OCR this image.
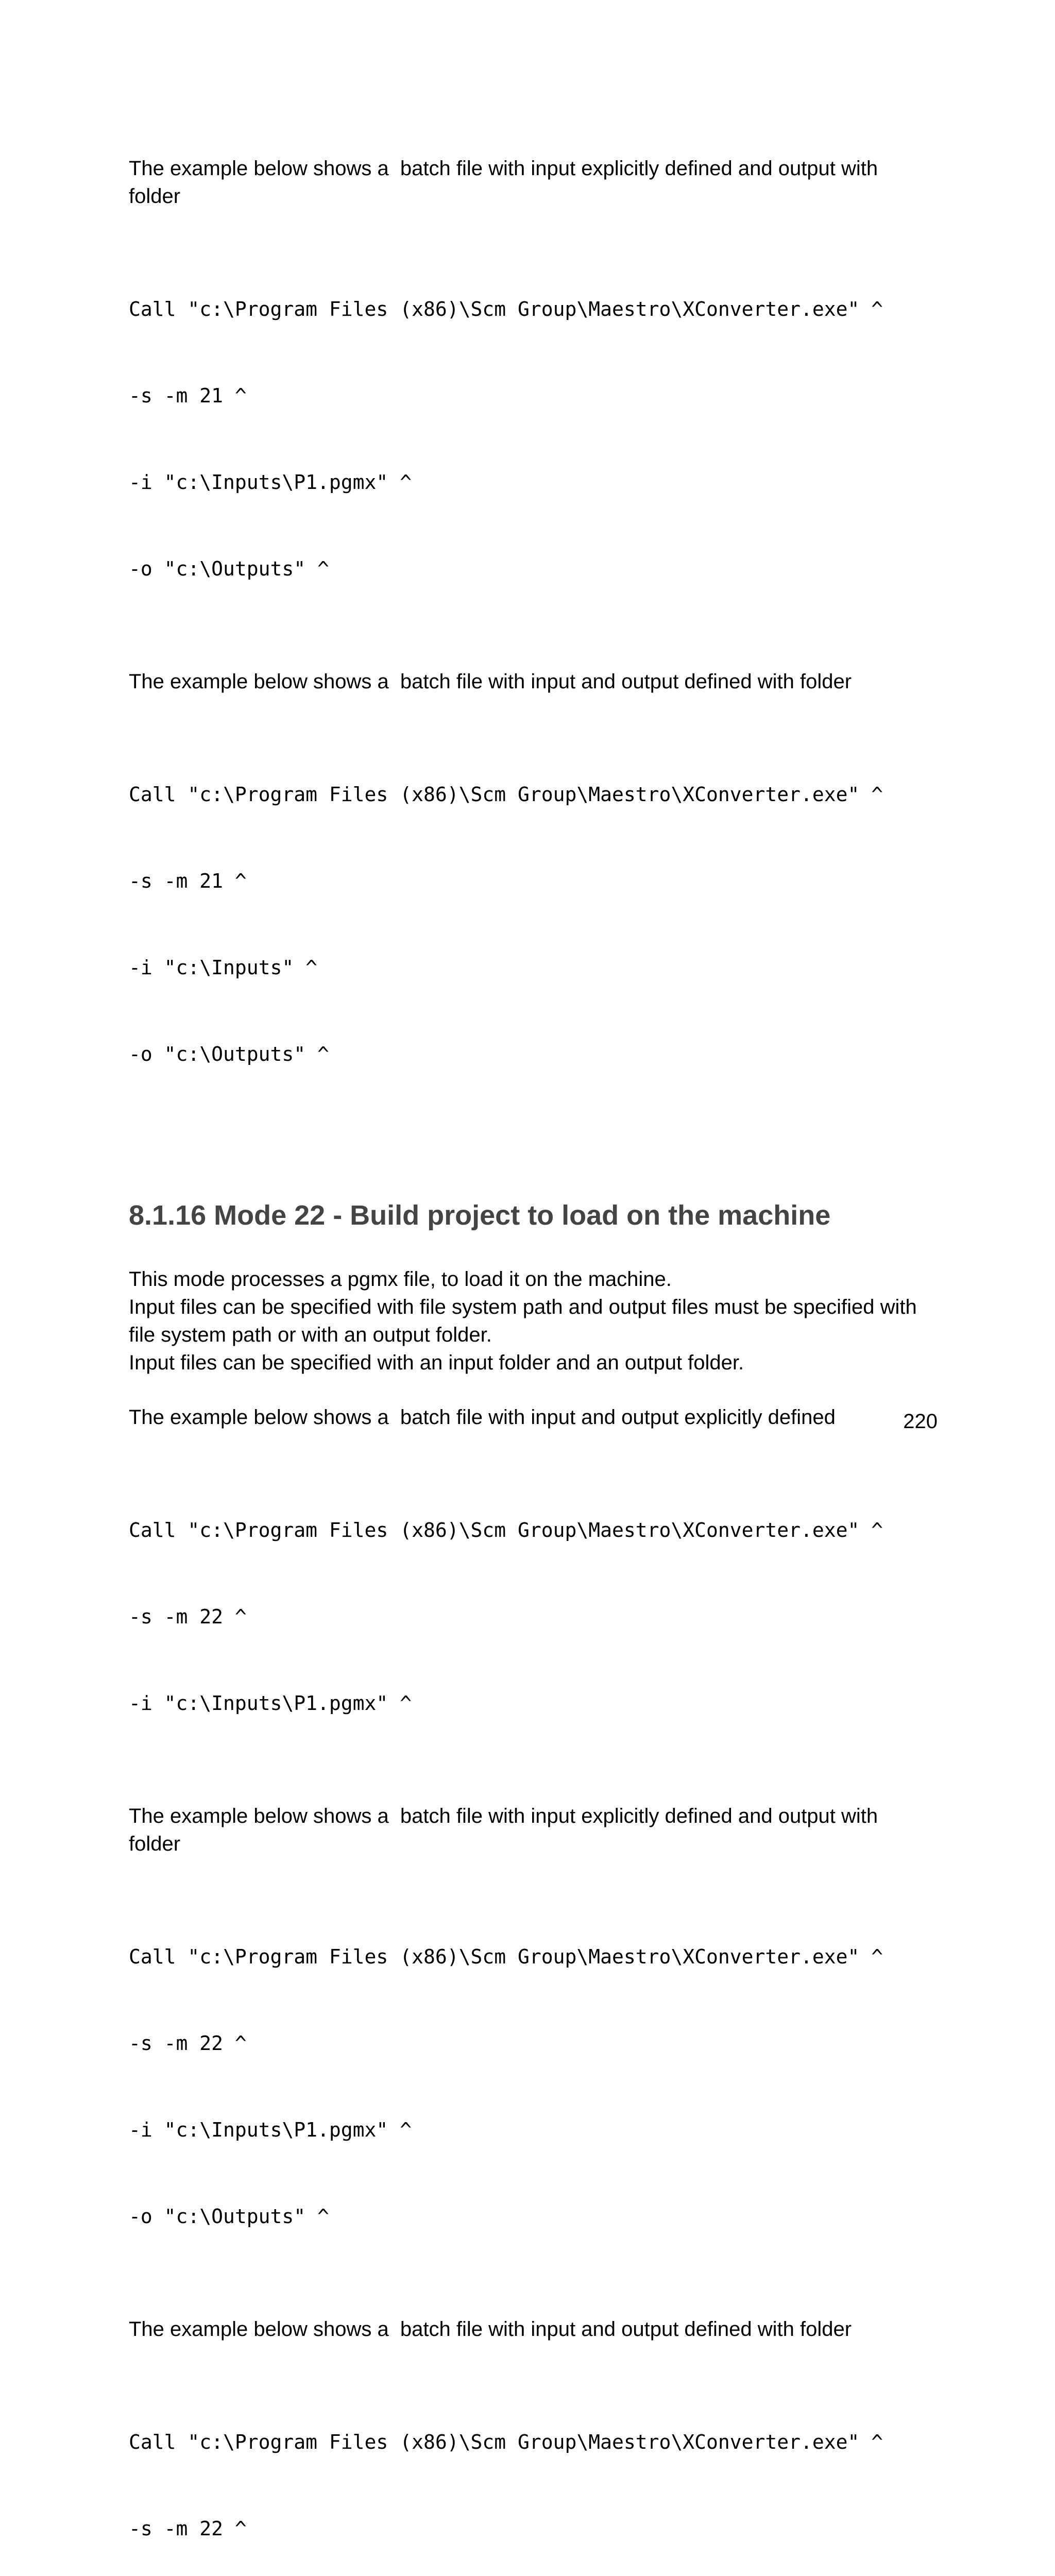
The example below shows a  batch file with input explicitly defined and output with folder

Call "c:\Program Files (x86)\Scm Group\Maestro\XConverter.exe" ^

-s -m 21 ^

-i "c:\Inputs\P1.pgmx" ^

-o "c:\Outputs" ^

The example below shows a  batch file with input and output defined with folder

Call "c:\Program Files (x86)\Scm Group\Maestro\XConverter.exe" ^

-s -m 21 ^

-i "c:\Inputs" ^

-o "c:\Outputs" ^

8.1.16 Mode 22 - Build project to load on the machine

This mode processes a pgmx file, to load it on the machine.
Input files can be specified with file system path and output files must be specified with file system path or with an output folder.
Input files can be specified with an input folder and an output folder.

The example below shows a  batch file with input and output explicitly defined

Call "c:\Program Files (x86)\Scm Group\Maestro\XConverter.exe" ^

-s -m 22 ^

-i "c:\Inputs\P1.pgmx" ^

The example below shows a  batch file with input explicitly defined and output with folder

Call "c:\Program Files (x86)\Scm Group\Maestro\XConverter.exe" ^

-s -m 22 ^

-i "c:\Inputs\P1.pgmx" ^

-o "c:\Outputs" ^

The example below shows a  batch file with input and output defined with folder

Call "c:\Program Files (x86)\Scm Group\Maestro\XConverter.exe" ^

-s -m 22 ^

220
